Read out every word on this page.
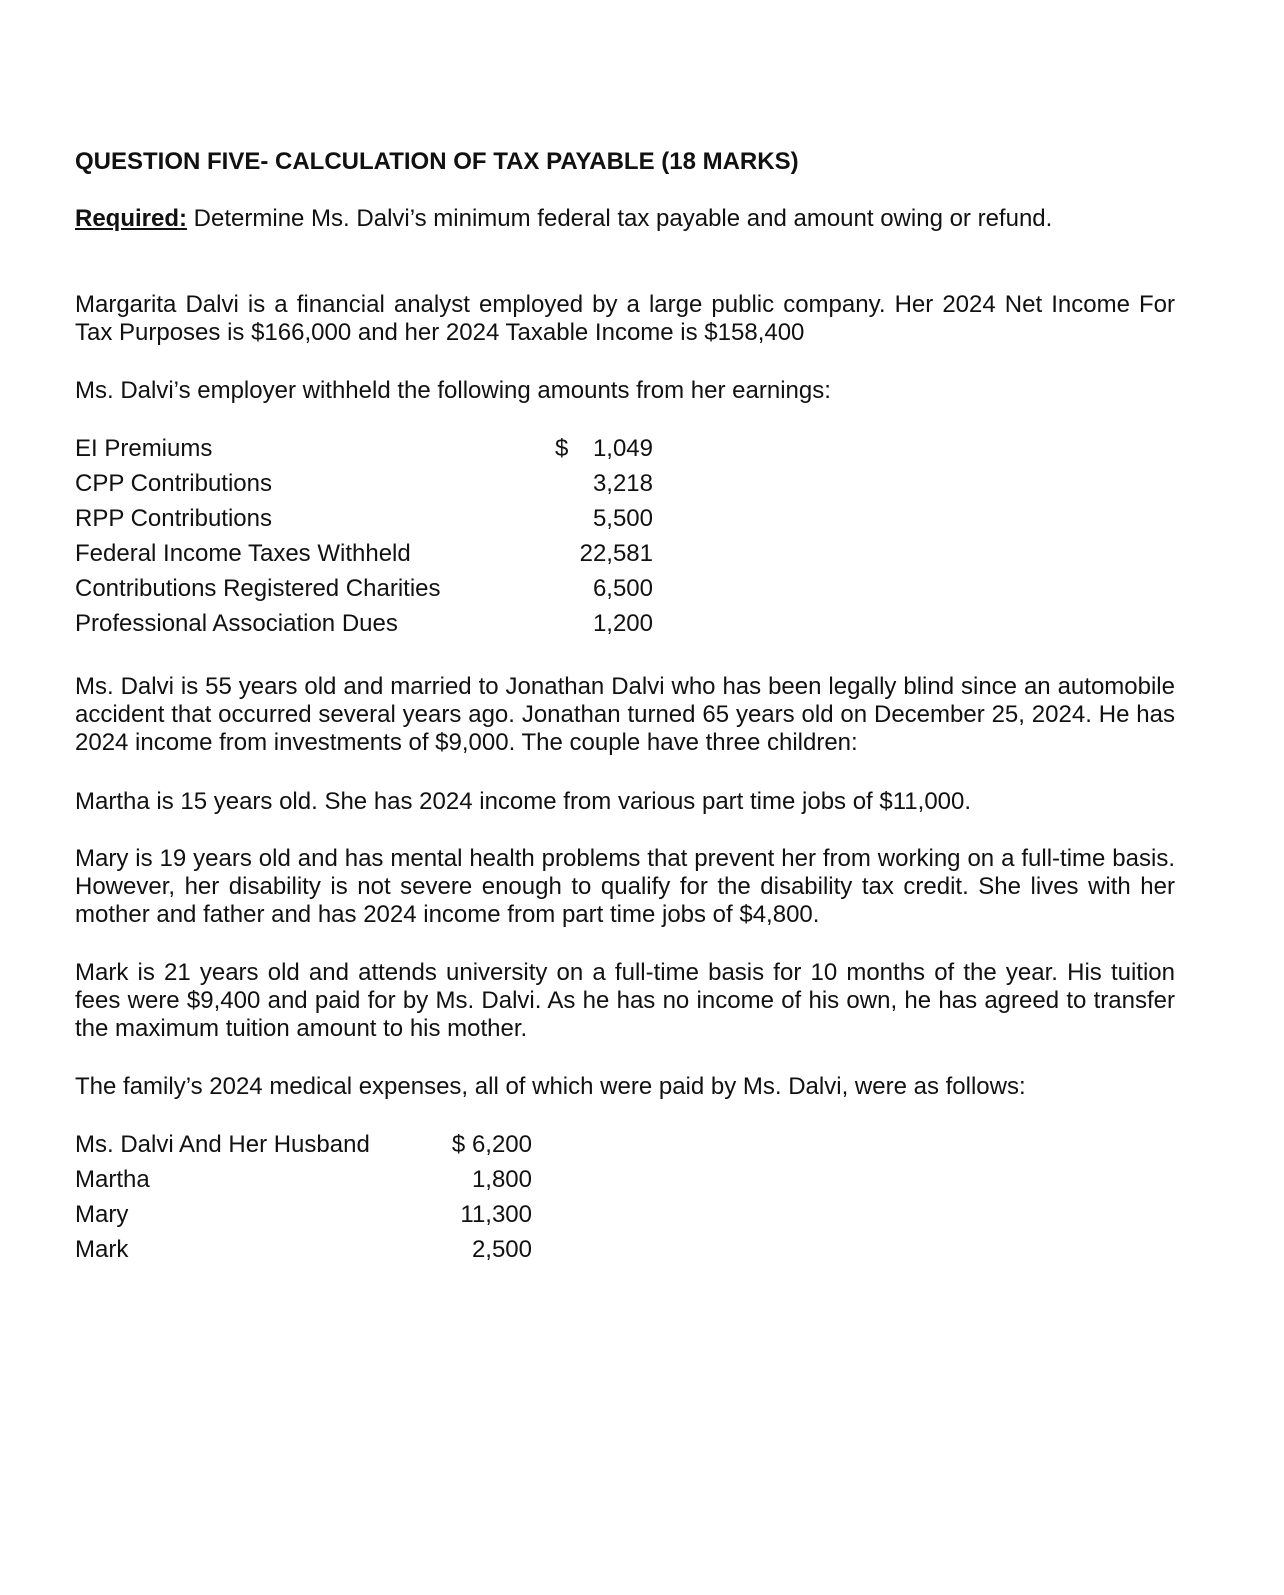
QUESTION FIVE- CALCULATION OF TAX PAYABLE (18 MARKS)
Required: Determine Ms. Dalvi’s minimum federal tax payable and amount owing or refund.
Margarita Dalvi is a financial analyst employed by a large public company. Her 2024 Net Income For Tax Purposes is $166,000 and her 2024 Taxable Income is $158,400
Ms. Dalvi’s employer withheld the following amounts from her earnings:
EI Premiums	$	1,049
CPP Contributions	3,218
RPP Contributions	5,500
Federal Income Taxes Withheld	22,581
Contributions Registered Charities	6,500
Professional Association Dues	1,200
Ms. Dalvi is 55 years old and married to Jonathan Dalvi who has been legally blind since an automobile accident that occurred several years ago. Jonathan turned 65 years old on December 25, 2024. He has 2024 income from investments of $9,000. The couple have three children:
Martha is 15 years old. She has 2024 income from various part time jobs of $11,000.
Mary is 19 years old and has mental health problems that prevent her from working on a full-time basis. However, her disability is not severe enough to qualify for the disability tax credit. She lives with her mother and father and has 2024 income from part time jobs of $4,800.
Mark is 21 years old and attends university on a full-time basis for 10 months of the year. His tuition fees were $9,400 and paid for by Ms. Dalvi. As he has no income of his own, he has agreed to transfer the maximum tuition amount to his mother.
The family’s 2024 medical expenses, all of which were paid by Ms. Dalvi, were as follows:
Ms. Dalvi And Her Husband	$ 6,200
Martha	1,800
Mary	11,300
Mark	2,500
